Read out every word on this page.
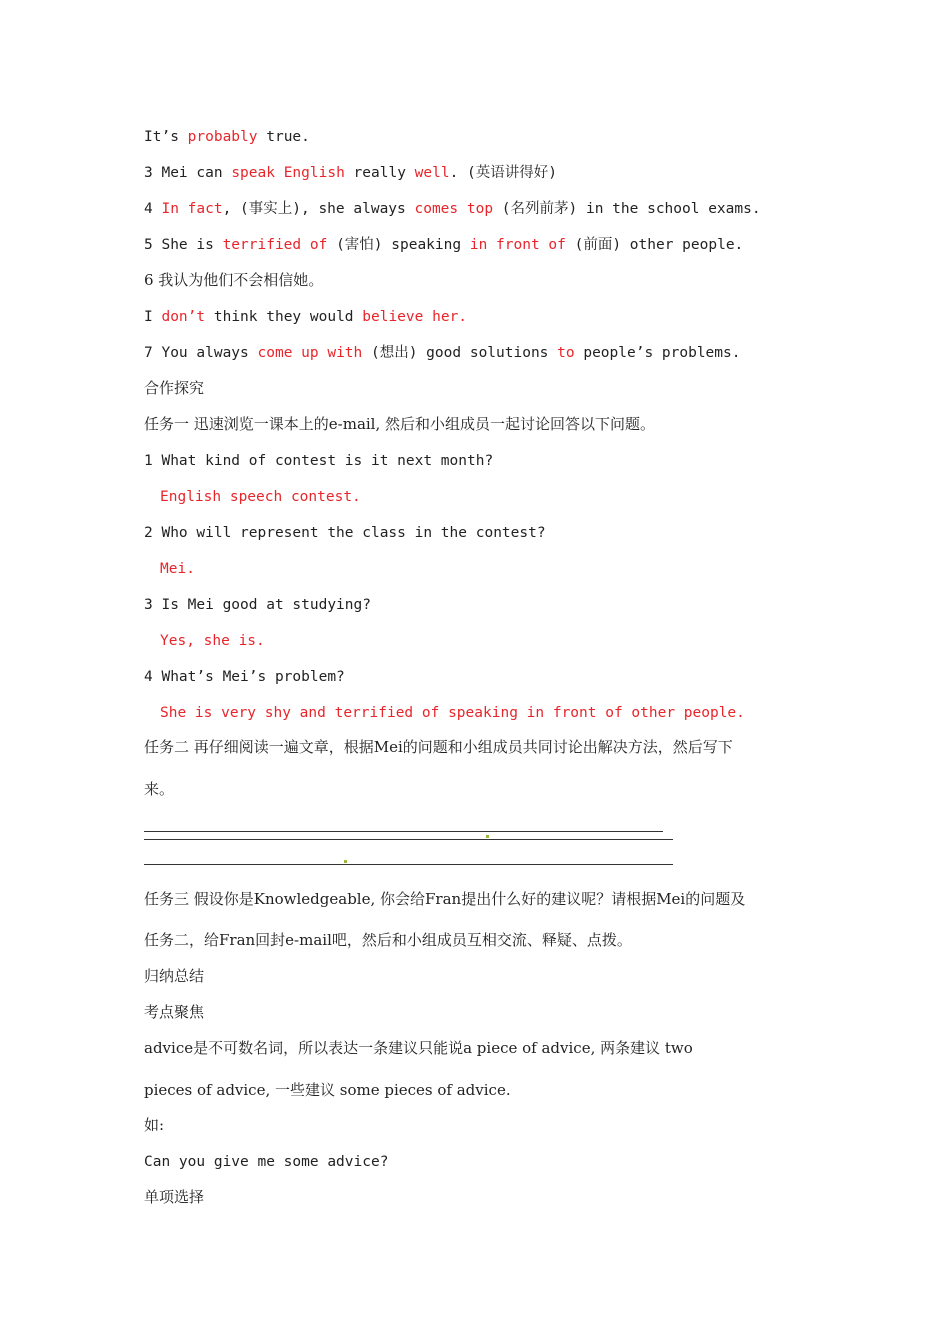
It’s probably true.
3 Mei can speak English really well. (英语讲得好)
4 In fact, (事实上), she always comes top (名列前茅) in the school exams.
5 She is terrified of (害怕) speaking in front of (前面) other people.
6 我认为他们不会相信她。
I don’t think they would believe her.
7 You always come up with (想出) good solutions to people’s problems.
合作探究
任务一 迅速浏览一课本上的e-mail, 然后和小组成员一起讨论回答以下问题。
1 What kind of contest is it next month?
English speech contest.
2 Who will represent the class in the contest?
Mei.
3 Is Mei good at studying?
Yes, she is.
4 What’s Mei’s problem?
She is very shy and terrified of speaking in front of other people.
任务二 再仔细阅读一遍文章，根据Mei的问题和小组成员共同讨论出解决方法，然后写下
来。
任务三 假设你是Knowledgeable, 你会给Fran提出什么好的建议呢？请根据Mei的问题及
任务二，给Fran回封e-mail吧，然后和小组成员互相交流、释疑、点拨。
归纳总结
考点聚焦
advice是不可数名词，所以表达一条建议只能说a piece of advice, 两条建议 two
pieces of advice, 一些建议 some pieces of advice.
如:
Can you give me some advice?
单项选择
